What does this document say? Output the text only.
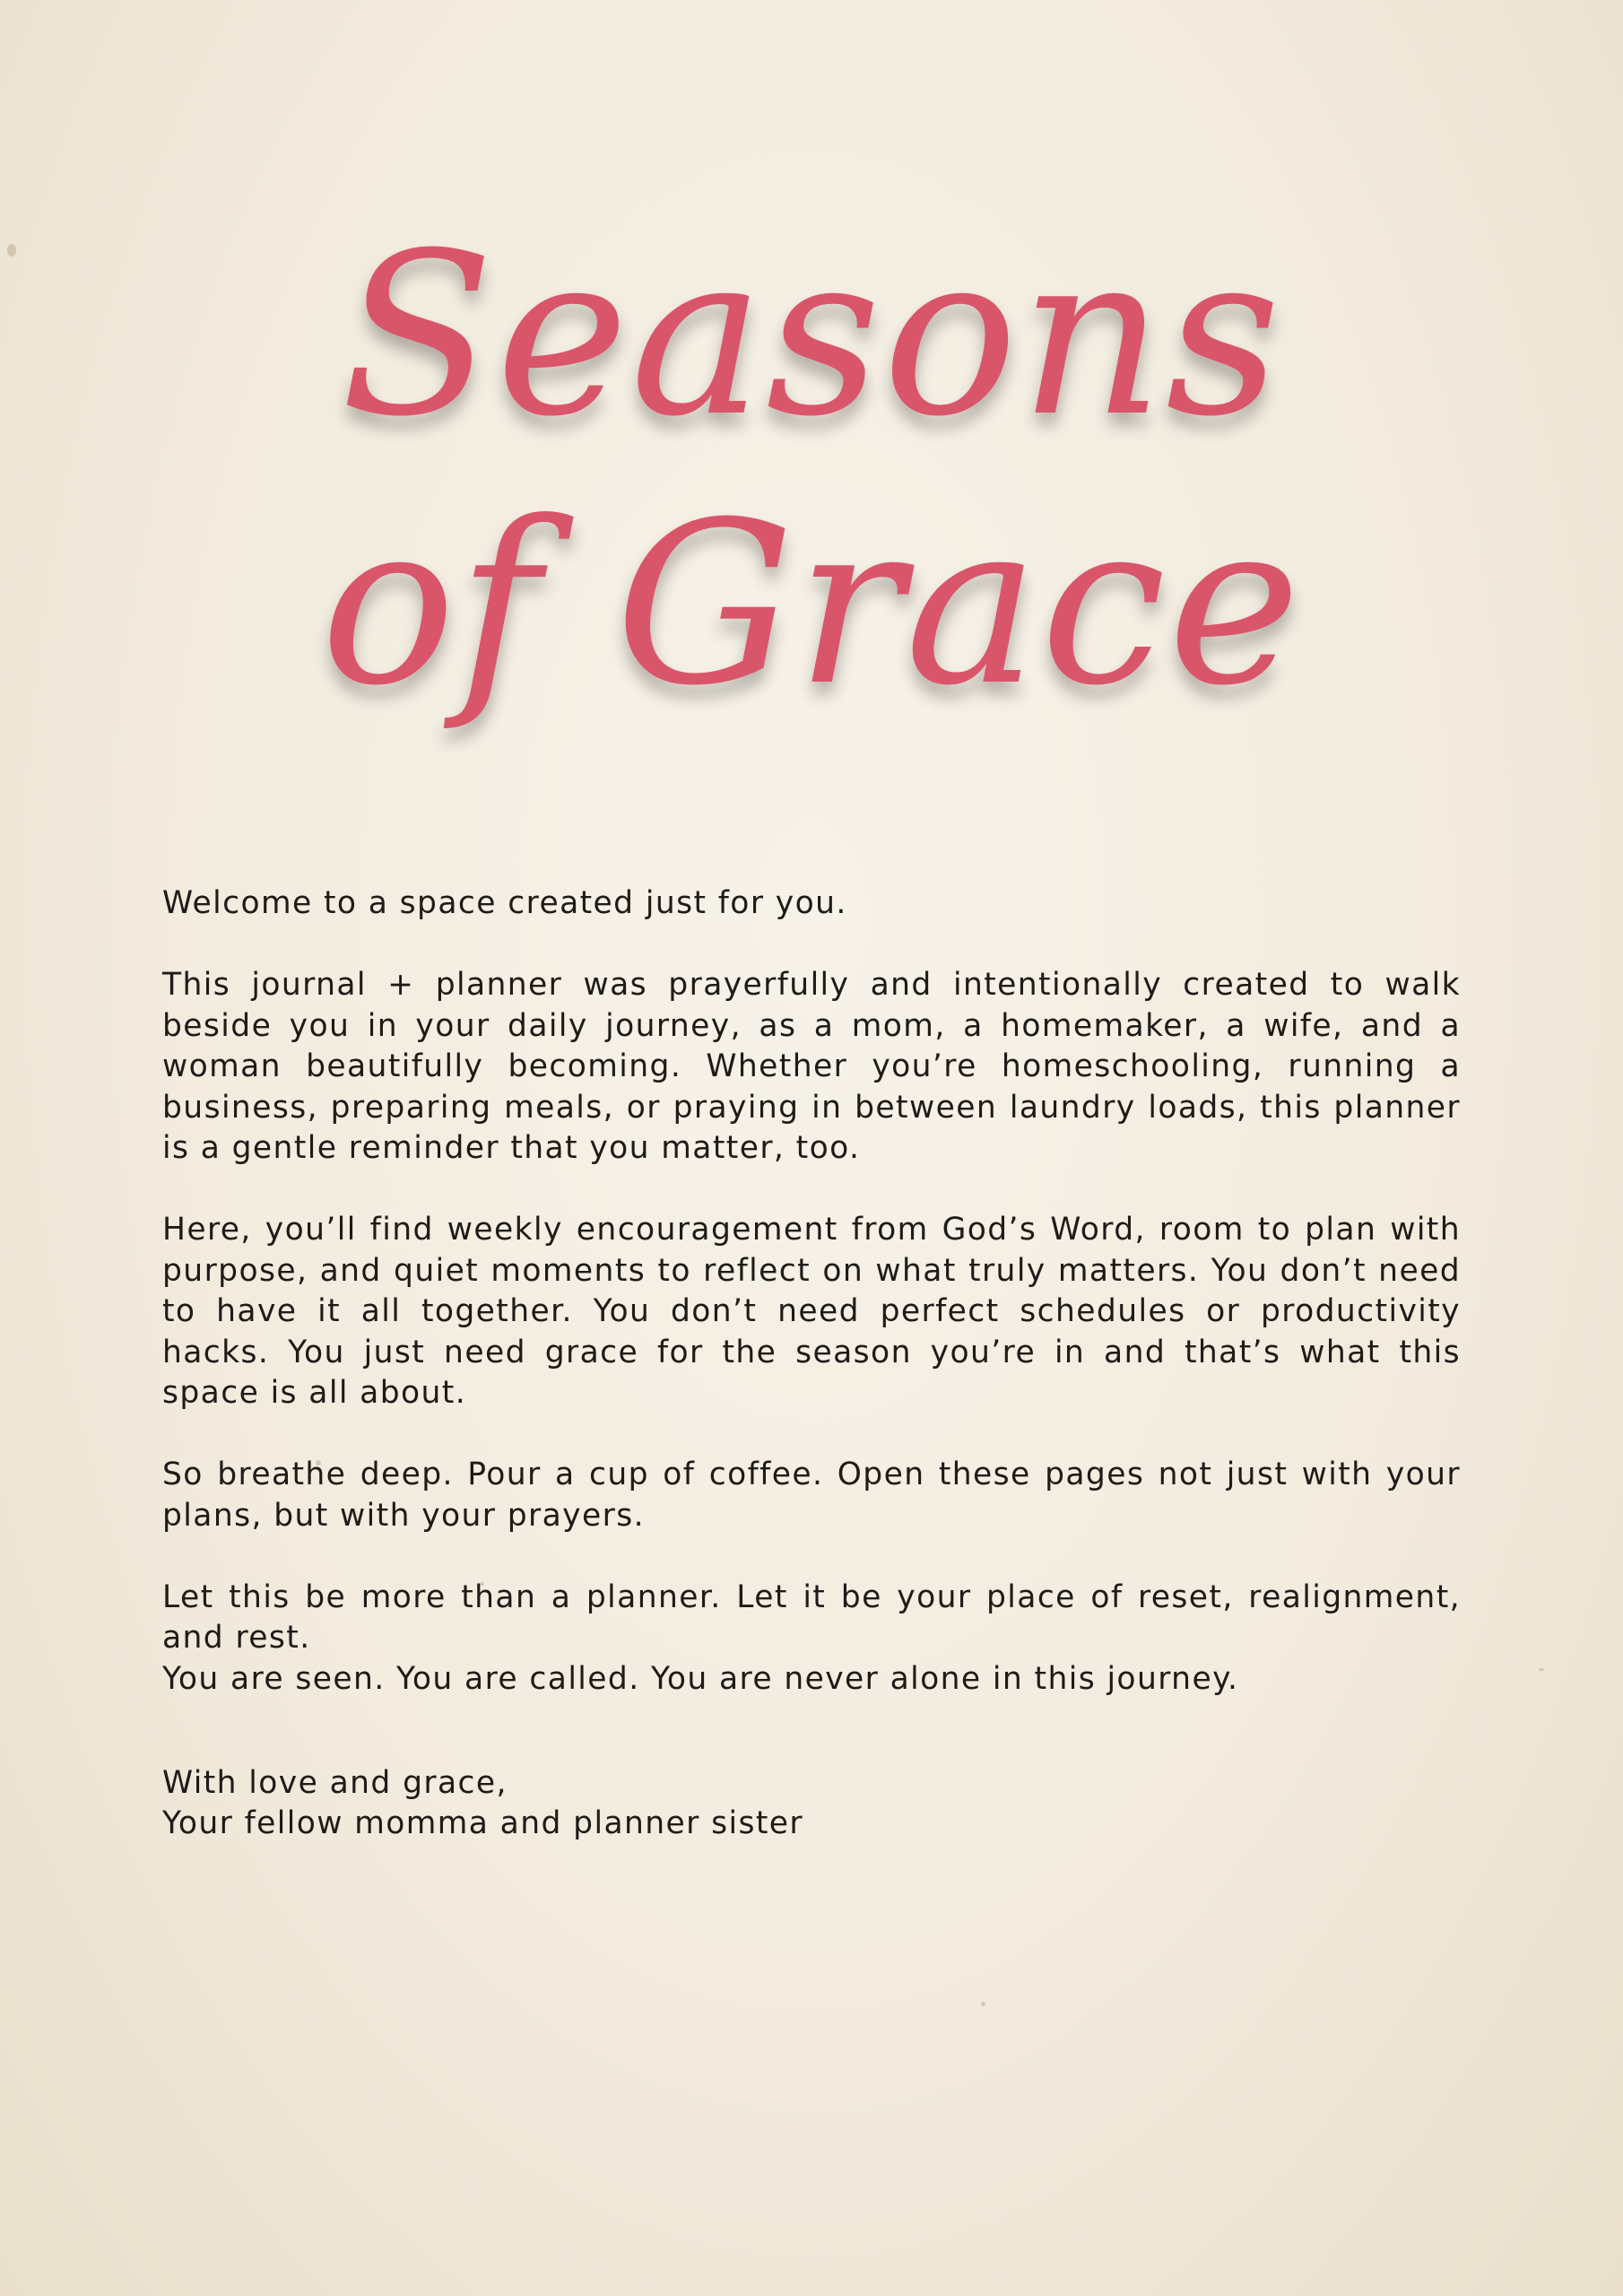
Seasons
of Grace

Welcome to a space created just for you.

This journal + planner was prayerfully and intentionally created to walk beside you in your daily journey, as a mom, a homemaker, a wife, and a woman beautifully becoming. Whether you’re homeschooling, running a business, preparing meals, or praying in between laundry loads, this planner is a gentle reminder that you matter, too.

Here, you’ll find weekly encouragement from God’s Word, room to plan with purpose, and quiet moments to reflect on what truly matters. You don’t need to have it all together. You don’t need perfect schedules or productivity hacks. You just need grace for the season you’re in and that’s what this space is all about.

So breathe deep. Pour a cup of coffee. Open these pages not just with your plans, but with your prayers.

Let this be more than a planner. Let it be your place of reset, realignment, and rest.

You are seen. You are called. You are never alone in this journey.

With love and grace,
Your fellow momma and planner sister
